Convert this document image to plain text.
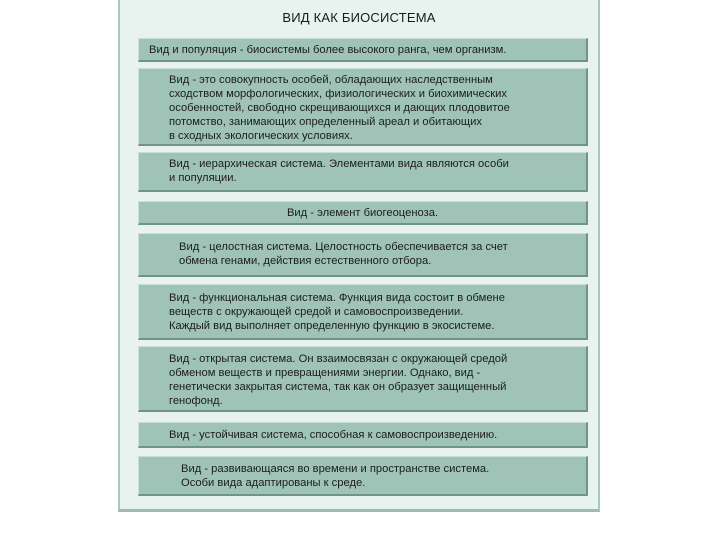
ВИД КАК БИОСИСТЕМА
Вид и популяция - биосистемы более высокого ранга, чем организм.
Вид - это совокупность особей, обладающих наследственным
сходством морфологических, физиологических и биохимических
особенностей, свободно скрещивающихся и дающих плодовитое
потомство, занимающих определенный ареал и обитающих
в сходных экологических условиях.
Вид - иерархическая система. Элементами вида являются особи
и популяции.
Вид - элемент биогеоценоза.
Вид - целостная система. Целостность обеспечивается за счет
обмена генами, действия естественного отбора.
Вид - функциональная система. Функция вида состоит в обмене
веществ с окружающей средой и самовоспроизведении.
Каждый вид выполняет определенную функцию в экосистеме.
Вид - открытая система. Он взаимосвязан с окружающей средой
обменом веществ и превращениями энергии. Однако, вид -
генетически закрытая система, так как он образует защищенный
генофонд.
Вид - устойчивая система, способная к самовоспроизведению.
Вид - развивающаяся во времени и пространстве система.
Особи вида адаптированы к среде.
